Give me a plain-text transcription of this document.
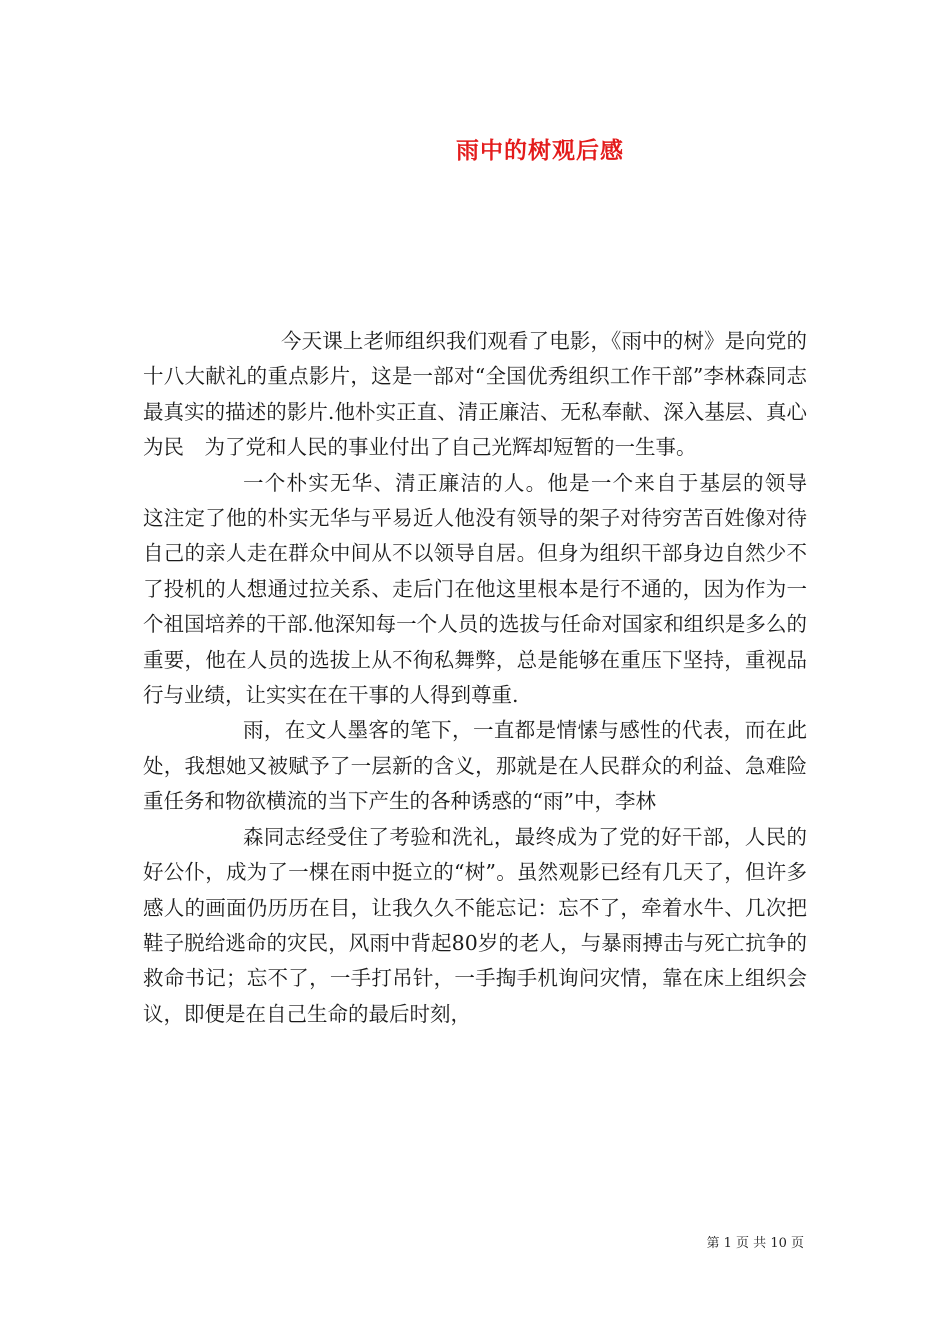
雨中的树观后感

今天课上老师组织我们观看了电影，《雨中的树》是向党的十八大献礼的重点影片，这是一部对“全国优秀组织工作干部”李林森同志最真实的描述的影片.他朴实正直、清正廉洁、无私奉献、深入基层、真心为民　为了党和人民的事业付出了自己光辉却短暂的一生事。

一个朴实无华、清正廉洁的人。他是一个来自于基层的领导　这注定了他的朴实无华与平易近人他没有领导的架子对待穷苦百姓像对待自己的亲人走在群众中间从不以领导自居。但身为组织干部身边自然少不了投机的人想通过拉关系、走后门在他这里根本是行不通的，因为作为一个祖国培养的干部.他深知每一个人员的选拔与任命对国家和组织是多么的重要，他在人员的选拔上从不徇私舞弊，总是能够在重压下坚持，重视品行与业绩，让实实在在干事的人得到尊重.

雨，在文人墨客的笔下，一直都是情愫与感性的代表，而在此处，我想她又被赋予了一层新的含义，那就是在人民群众的利益、急难险重任务和物欲横流的当下产生的各种诱惑的“雨”中，李林

森同志经受住了考验和洗礼，最终成为了党的好干部，人民的好公仆，成为了一棵在雨中挺立的“树”。虽然观影已经有几天了，但许多感人的画面仍历历在目，让我久久不能忘记：忘不了，牵着水牛、几次把鞋子脱给逃命的灾民，风雨中背起80岁的老人，与暴雨搏击与死亡抗争的救命书记；忘不了，一手打吊针，一手掏手机询问灾情，靠在床上组织会议，即便是在自己生命的最后时刻，

第 1 页 共 10 页
